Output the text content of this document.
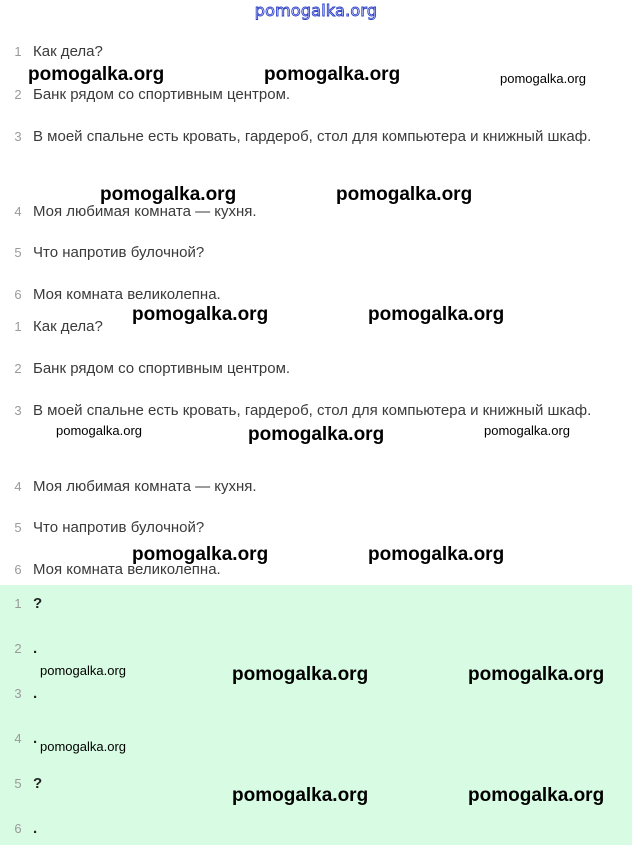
pomogalka.org
1 Как дела?
2 Банк рядом со спортивным центром.
3 В моей спальне есть кровать, гардероб, стол для компьютера и книжный шкаф.
4 Моя любимая комната — кухня.
5 Что напротив булочной?
6 Моя комната великолепна.
1 Как дела?
2 Банк рядом со спортивным центром.
3 В моей спальне есть кровать, гардероб, стол для компьютера и книжный шкаф.
4 Моя любимая комната — кухня.
5 Что напротив булочной?
6 Моя комната великолепна.
1 ?
2 .
3 .
4 .
5 ?
6 .
pomogalka.org	pomogalka.org	pomogalka.org
pomogalka.org	pomogalka.org
pomogalka.org	pomogalka.org
pomogalka.org	pomogalka.org	pomogalka.org
pomogalka.org	pomogalka.org
pomogalka.org	pomogalka.org	pomogalka.org
pomogalka.org
pomogalka.org	pomogalka.org
